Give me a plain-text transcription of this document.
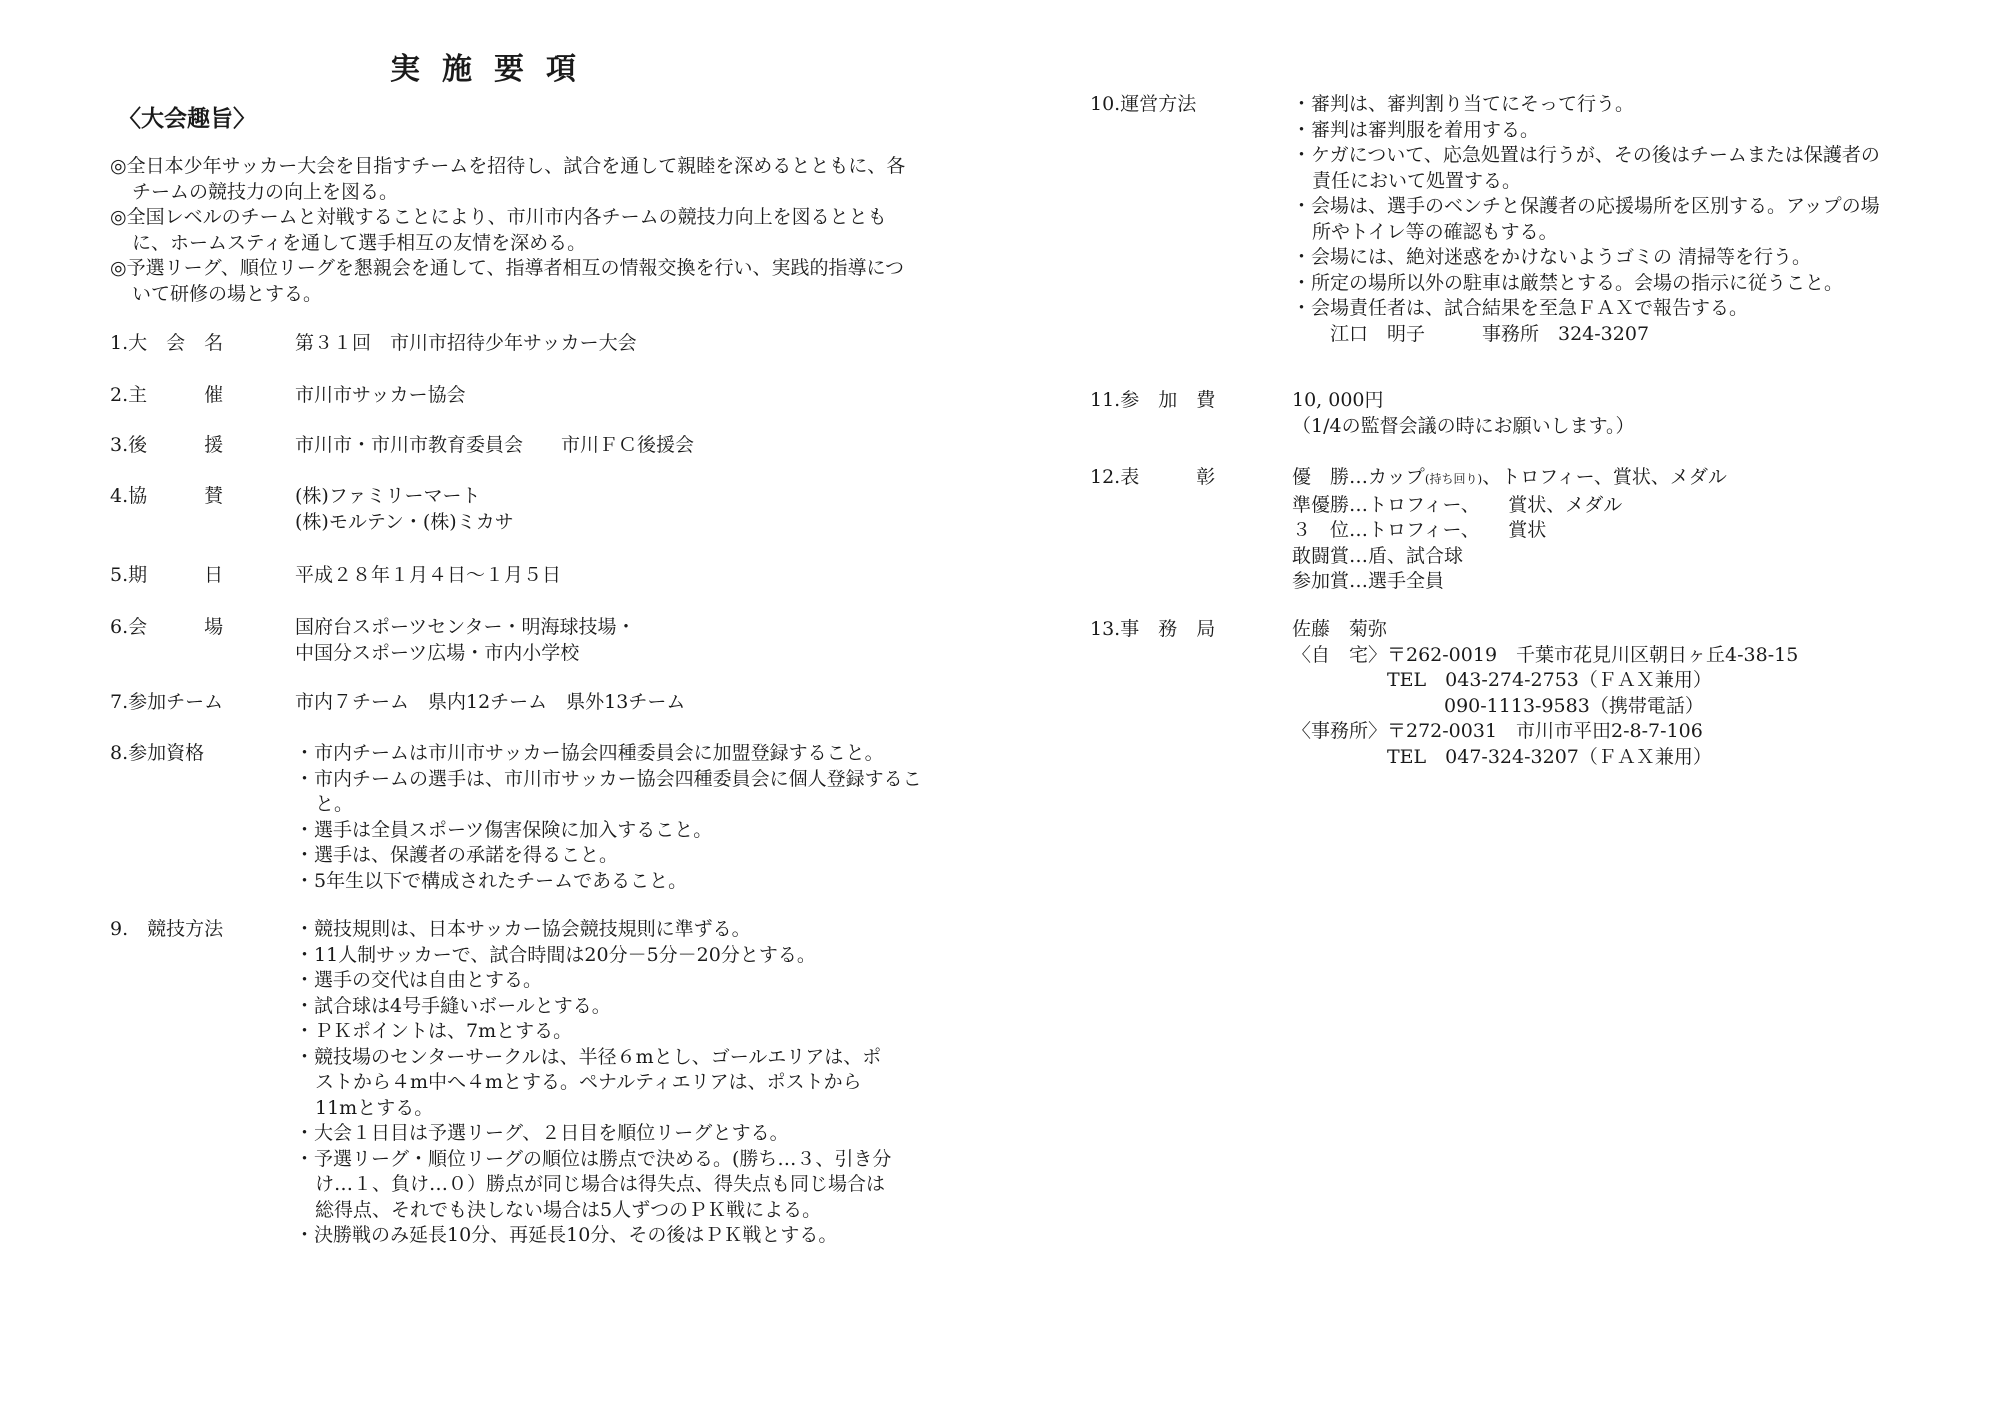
実施要項
〈大会趣旨〉

◎全日本少年サッカー大会を目指すチームを招待し、試合を通して親睦を深めるとともに、各チームの競技力の向上を図る。

◎全国レベルのチームと対戦することにより、市川市内各チームの競技力向上を図るとともに、ホームスティを通して選手相互の友情を深める。

◎予選リーグ、順位リーグを懇親会を通して、指導者相互の情報交換を行い、実践的指導について研修の場とする。

1.大　会　名	第３１回　市川市招待少年サッカー大会
2.主　　　催	市川市サッカー協会
3.後　　　援	市川市・市川市教育委員会　　市川ＦＣ後援会
4.協　　　賛	(株)ファミリーマート
(株)モルテン・(株)ミカサ
5.期　　　日	平成２８年１月４日～１月５日
6.会　　　場	国府台スポーツセンター・明海球技場・
中国分スポーツ広場・市内小学校
7.参加チーム	市内７チーム　県内12チーム　県外13チーム
8.参加資格	・市内チームは市川市サッカー協会四種委員会に加盟登録すること。
・市内チームの選手は、市川市サッカー協会四種委員会に個人登録すること。
・選手は全員スポーツ傷害保険に加入すること。
・選手は、保護者の承諾を得ること。
・5年生以下で構成されたチームであること。
9.　競技方法	・競技規則は、日本サッカー協会競技規則に準ずる。
・11人制サッカーで、試合時間は20分－5分－20分とする。
・選手の交代は自由とする。
・試合球は4号手縫いボールとする。
・ＰＫポイントは、7mとする。
・競技場のセンターサークルは、半径６mとし、ゴールエリアは、ポストから４m中へ４mとする。ペナルティエリアは、ポストから11mとする。
・大会１日目は予選リーグ、２日目を順位リーグとする。
・予選リーグ・順位リーグの順位は勝点で決める。(勝ち…３、引き分け…１、負け…０）勝点が同じ場合は得失点、得失点も同じ場合は総得点、それでも決しない場合は5人ずつのＰＫ戦による。
・決勝戦のみ延長10分、再延長10分、その後はＰＫ戦とする。
10.運営方法	・審判は、審判割り当てにそって行う。
・審判は審判服を着用する。
・ケガについて、応急処置は行うが、その後はチームまたは保護者の責任において処置する。
・会場は、選手のベンチと保護者の応援場所を区別する。アップの場所やトイレ等の確認もする。
・会場には、絶対迷惑をかけないようゴミの 清掃等を行う。
・所定の場所以外の駐車は厳禁とする。会場の指示に従うこと。
・会場責任者は、試合結果を至急ＦＡＸで報告する。
　　江口　明子　　　事務所　324-3207
11.参　加　費	10, 000円
（1/4の監督会議の時にお願いします。）
12.表　　　彰	優　勝…カップ(持ち回り)、トロフィー、賞状、メダル
準優勝…トロフィー、　　賞状、メダル
３　位…トロフィー、　　賞状
敢闘賞…盾、試合球
参加賞…選手全員
13.事　務　局	佐藤　菊弥
〈自　宅〉〒262-0019　千葉市花見川区朝日ヶ丘4-38-15
　　　　　TEL　043-274-2753（ＦＡＸ兼用）
　　　　　　　　090-1113-9583（携帯電話）
〈事務所〉〒272-0031　市川市平田2-8-7-106
　　　　　TEL　047-324-3207（ＦＡＸ兼用）
